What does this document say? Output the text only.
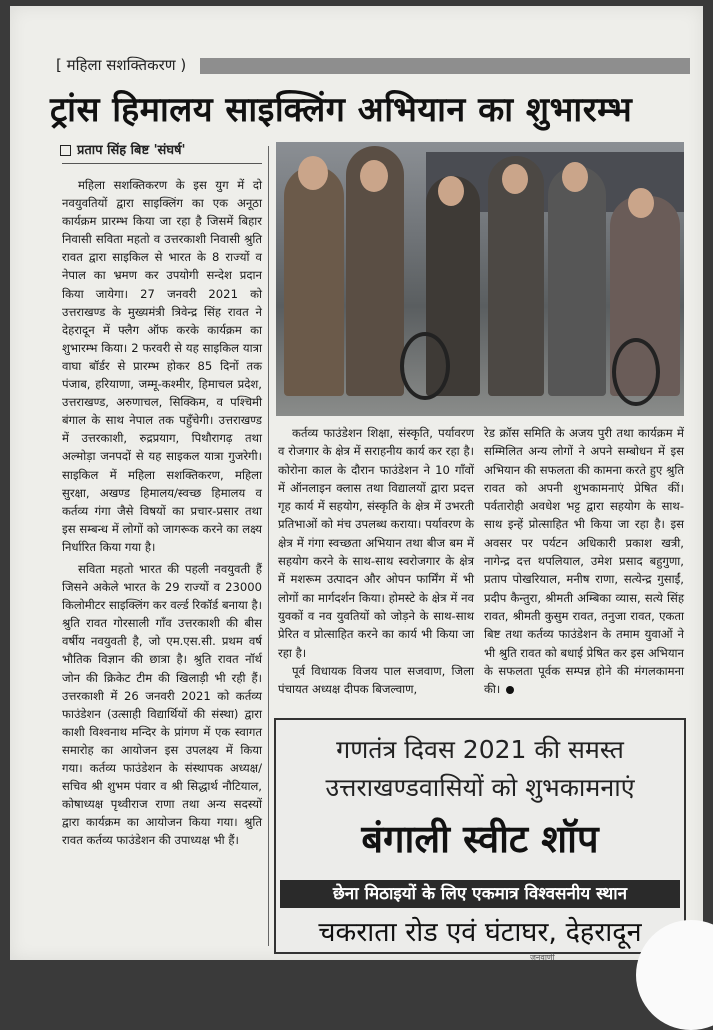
[ महिला सशक्तिकरण )
ट्रांस हिमालय साइक्लिंग अभियान का शुभारम्भ
प्रताप सिंह बिष्ट 'संघर्ष'

महिला सशक्तिकरण के इस युग में दो नवयुवतियों द्वारा साइक्लिंग का एक अनूठा कार्यक्रम प्रारम्भ किया जा रहा है जिसमें बिहार निवासी सविता महतो व उत्तरकाशी निवासी श्रुति रावत द्वारा साइकिल से भारत के 8 राज्यों व नेपाल का भ्रमण कर उपयोगी सन्देश प्रदान किया जायेगा। 27 जनवरी 2021 को उत्तराखण्ड के मुख्यमंत्री त्रिवेन्द्र सिंह रावत ने देहरादून में फ्लैग ऑफ करके कार्यक्रम का शुभारम्भ किया। 2 फरवरी से यह साइकिल यात्रा वाघा बॉर्डर से प्रारम्भ होकर 85 दिनों तक पंजाब, हरियाणा, जम्मू-कश्मीर, हिमाचल प्रदेश, उत्तराखण्ड, अरुणाचल, सिक्किम, व पश्चिमी बंगाल के साथ नेपाल तक पहुँचेगी। उत्तराखण्ड में उत्तरकाशी, रुद्रप्रयाग, पिथौरागढ़ तथा अल्मोड़ा जनपदों से यह साइकल यात्रा गुजरेगी। साइकिल में महिला सशक्तिकरण, महिला सुरक्षा, अखण्ड हिमालय/स्वच्छ हिमालय व कर्तव्य गंगा जैसे विषयों का प्रचार-प्रसार तथा इस सम्बन्ध में लोगों को जागरूक करने का लक्ष्य निर्धारित किया गया है।

सविता महतो भारत की पहली नवयुवती हैं जिसने अकेले भारत के 29 राज्यों व 23000 किलोमीटर साइक्लिंग कर वर्ल्ड रिकॉर्ड बनाया है। श्रुति रावत गोरसाली गाँव उत्तरकाशी की बीस वर्षीय नवयुवती है, जो एम.एस.सी. प्रथम वर्ष भौतिक विज्ञान की छात्रा है। श्रुति रावत नॉर्थ जोन की क्रिकेट टीम की खिलाड़ी भी रही हैं। उत्तरकाशी में 26 जनवरी 2021 को कर्तव्य फाउंडेशन (उत्साही विद्यार्थियों की संस्था) द्वारा काशी विश्वनाथ मन्दिर के प्रांगण में एक स्वागत समारोह का आयोजन इस उपलक्ष्य में किया गया। कर्तव्य फाउंडेशन के संस्थापक अध्यक्ष/सचिव श्री शुभम पंवार व श्री सिद्धार्थ नौटियाल, कोषाध्यक्ष पृथ्वीराज राणा तथा अन्य सदस्यों द्वारा कार्यक्रम का आयोजन किया गया। श्रुति रावत कर्तव्य फाउंडेशन की उपाध्यक्ष भी हैं।

कर्तव्य फाउंडेशन शिक्षा, संस्कृति, पर्यावरण व रोजगार के क्षेत्र में सराहनीय कार्य कर रहा है। कोरोना काल के दौरान फाउंडेशन ने 10 गाँवों में ऑनलाइन क्लास तथा विद्यालयों द्वारा प्रदत्त गृह कार्य में सहयोग, संस्कृति के क्षेत्र में उभरती प्रतिभाओं को मंच उपलब्ध कराया। पर्यावरण के क्षेत्र में गंगा स्वच्छता अभियान तथा बीज बम में सहयोग करने के साथ-साथ स्वरोजगार के क्षेत्र में मशरूम उत्पादन और ओपन फार्मिंग में भी लोगों का मार्गदर्शन किया। होमस्टे के क्षेत्र में नव युवकों व नव युवतियों को जोड़ने के साथ-साथ प्रेरित व प्रोत्साहित करने का कार्य भी किया जा रहा है।

पूर्व विधायक विजय पाल सजवाण, जिला पंचायत अध्यक्ष दीपक बिजल्वाण,

रेड क्रॉस समिति के अजय पुरी तथा कार्यक्रम में सम्मिलित अन्य लोगों ने अपने सम्बोधन में इस अभियान की सफलता की कामना करते हुए श्रुति रावत को अपनी शुभकामनाएं प्रेषित कीं। पर्वतारोही अवधेश भट्ट द्वारा सहयोग के साथ-साथ इन्हें प्रोत्साहित भी किया जा रहा है। इस अवसर पर पर्यटन अधिकारी प्रकाश खत्री, नागेन्द्र दत्त थपलियाल, उमेश प्रसाद बहुगुणा, प्रताप पोखरियाल, मनीष राणा, सत्येन्द्र गुसाईं, प्रदीप कैन्तुरा, श्रीमती अम्बिका व्यास, सत्ये सिंह रावत, श्रीमती कुसुम रावत, तनुजा रावत, एकता बिष्ट तथा कर्तव्य फाउंडेशन के तमाम युवाओं ने भी श्रुति रावत को बधाई प्रेषित कर इस अभियान के सफलता पूर्वक सम्पन्न होने की मंगलकामना की।

गणतंत्र दिवस 2021 की समस्त
उत्तराखण्डवासियों को शुभकामनाएं
बंगाली स्वीट शॉप
छेना मिठाइयों के लिए एकमात्र विश्वसनीय स्थान
चकराता रोड एवं घंटाघर, देहरादून
जनवाणी
